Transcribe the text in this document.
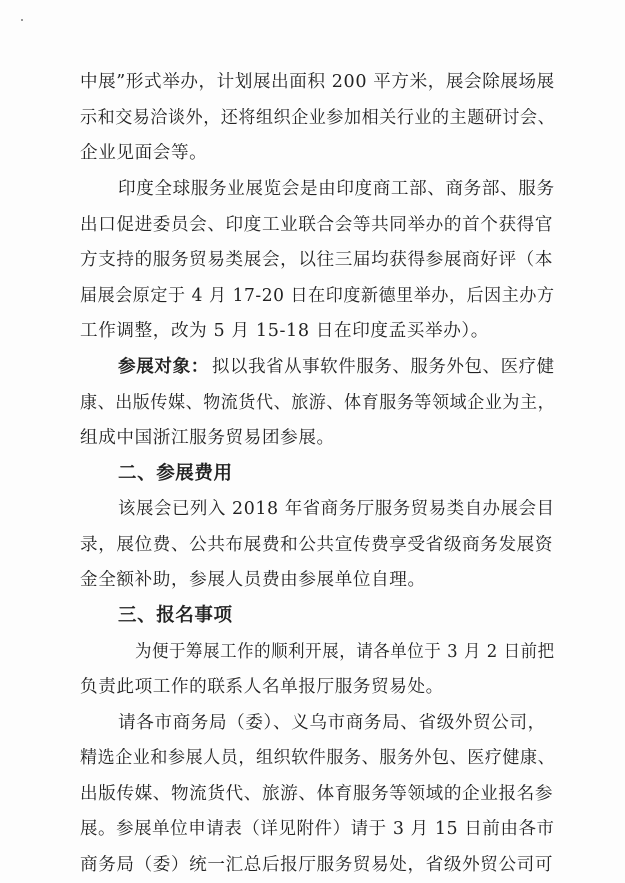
中展”形式举办，计划展出面积 200 平方米，展会除展场展
示和交易洽谈外，还将组织企业参加相关行业的主题研讨会、
企业见面会等。
印度全球服务业展览会是由印度商工部、商务部、服务
出口促进委员会、印度工业联合会等共同举办的首个获得官
方支持的服务贸易类展会，以往三届均获得参展商好评（本
届展会原定于 4 月 17-20 日在印度新德里举办，后因主办方
工作调整，改为 5 月 15-18 日在印度孟买举办）。
参展对象： 拟以我省从事软件服务、服务外包、医疗健
康、出版传媒、物流货代、旅游、体育服务等领域企业为主，
组成中国浙江服务贸易团参展。
二、参展费用
该展会已列入 2018 年省商务厅服务贸易类自办展会目
录，展位费、公共布展费和公共宣传费享受省级商务发展资
金全额补助，参展人员费由参展单位自理。
三、报名事项
为便于筹展工作的顺利开展，请各单位于 3 月 2 日前把
负责此项工作的联系人名单报厅服务贸易处。
请各市商务局（委）、义乌市商务局、省级外贸公司，
精选企业和参展人员，组织软件服务、服务外包、医疗健康、
出版传媒、物流货代、旅游、体育服务等领域的企业报名参
展。参展单位申请表（详见附件）请于 3 月 15 日前由各市
商务局（委）统一汇总后报厅服务贸易处，省级外贸公司可
